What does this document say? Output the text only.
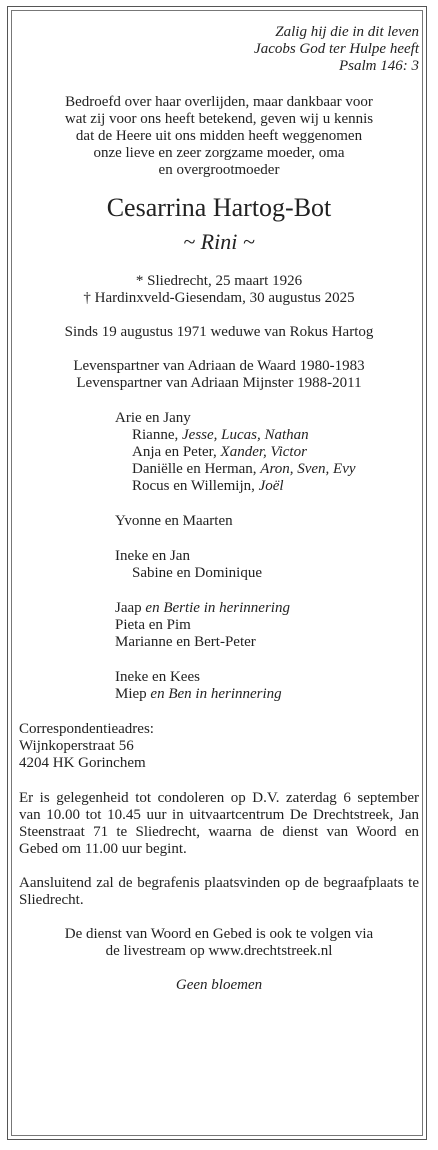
Zalig hij die in dit leven
Jacobs God ter Hulpe heeft
Psalm 146: 3
Bedroefd over haar overlijden, maar dankbaar voor
wat zij voor ons heeft betekend, geven wij u kennis
dat de Heere uit ons midden heeft weggenomen
onze lieve en zeer zorgzame moeder, oma
en overgrootmoeder
Cesarrina Hartog-Bot
~ Rini ~
* Sliedrecht, 25 maart 1926
† Hardinxveld-Giesendam, 30 augustus 2025
Sinds 19 augustus 1971 weduwe van Rokus Hartog
Levenspartner van Adriaan de Waard 1980-1983
Levenspartner van Adriaan Mijnster 1988-2011
Arie en Jany
Rianne, Jesse, Lucas, Nathan
Anja en Peter, Xander, Victor
Daniëlle en Herman, Aron, Sven, Evy
Rocus en Willemijn, Joël
Yvonne en Maarten
Ineke en Jan
Sabine en Dominique
Jaap en Bertie in herinnering
Pieta en Pim
Marianne en Bert-Peter
Ineke en Kees
Miep en Ben in herinnering
Correspondentieadres:
Wijnkoperstraat 56
4204 HK Gorinchem
Er is gelegenheid tot condoleren op D.V. zaterdag 6 september van 10.00 tot 10.45 uur in uitvaartcentrum De Drechtstreek, Jan Steenstraat 71 te Sliedrecht, waarna de dienst van Woord en Gebed om 11.00 uur begint.
Aansluitend zal de begrafenis plaatsvinden op de begraafplaats te Sliedrecht.
De dienst van Woord en Gebed is ook te volgen via
de livestream op www.drechtstreek.nl
Geen bloemen
